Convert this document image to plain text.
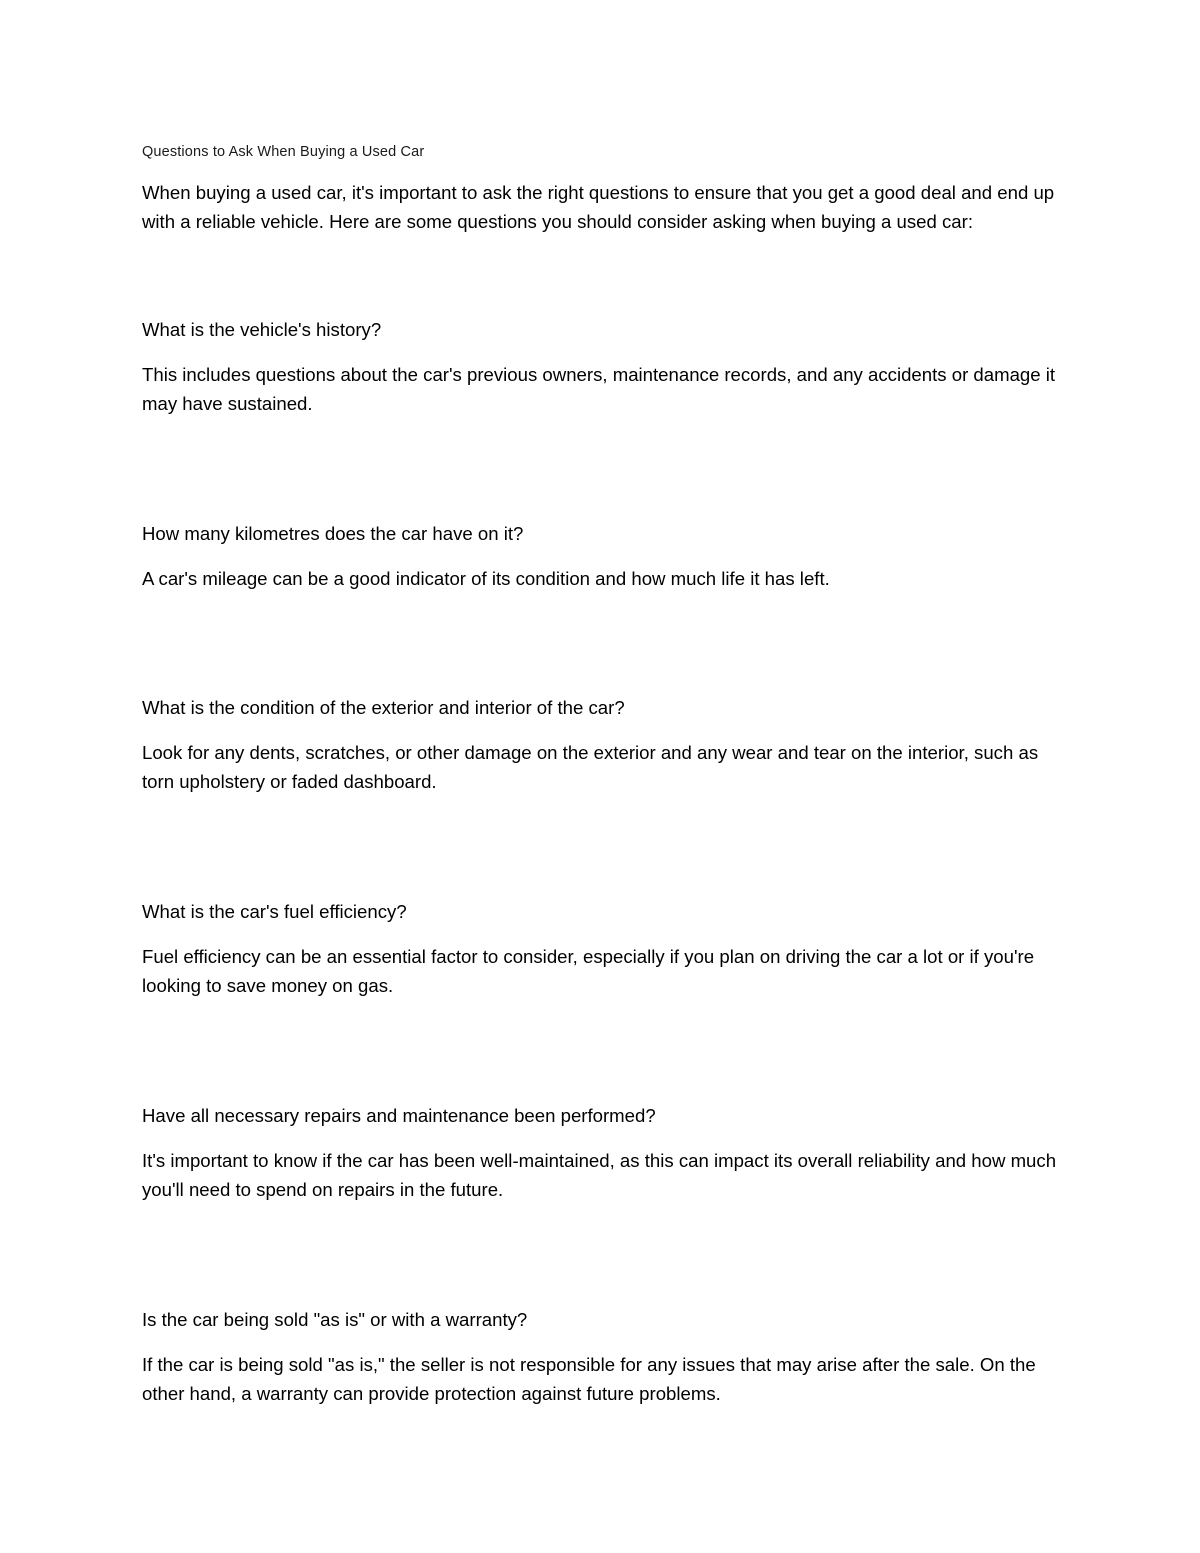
Questions to Ask When Buying a Used Car

When buying a used car, it's important to ask the right questions to ensure that you get a good deal and end up with a reliable vehicle. Here are some questions you should consider asking when buying a used car:

What is the vehicle's history?

This includes questions about the car's previous owners, maintenance records, and any accidents or damage it may have sustained.

How many kilometres does the car have on it?

A car's mileage can be a good indicator of its condition and how much life it has left.

What is the condition of the exterior and interior of the car?

Look for any dents, scratches, or other damage on the exterior and any wear and tear on the interior, such as torn upholstery or faded dashboard.

What is the car's fuel efficiency?

Fuel efficiency can be an essential factor to consider, especially if you plan on driving the car a lot or if you're looking to save money on gas.

Have all necessary repairs and maintenance been performed?

It's important to know if the car has been well-maintained, as this can impact its overall reliability and how much you'll need to spend on repairs in the future.

Is the car being sold "as is" or with a warranty?

If the car is being sold "as is," the seller is not responsible for any issues that may arise after the sale. On the other hand, a warranty can provide protection against future problems.
